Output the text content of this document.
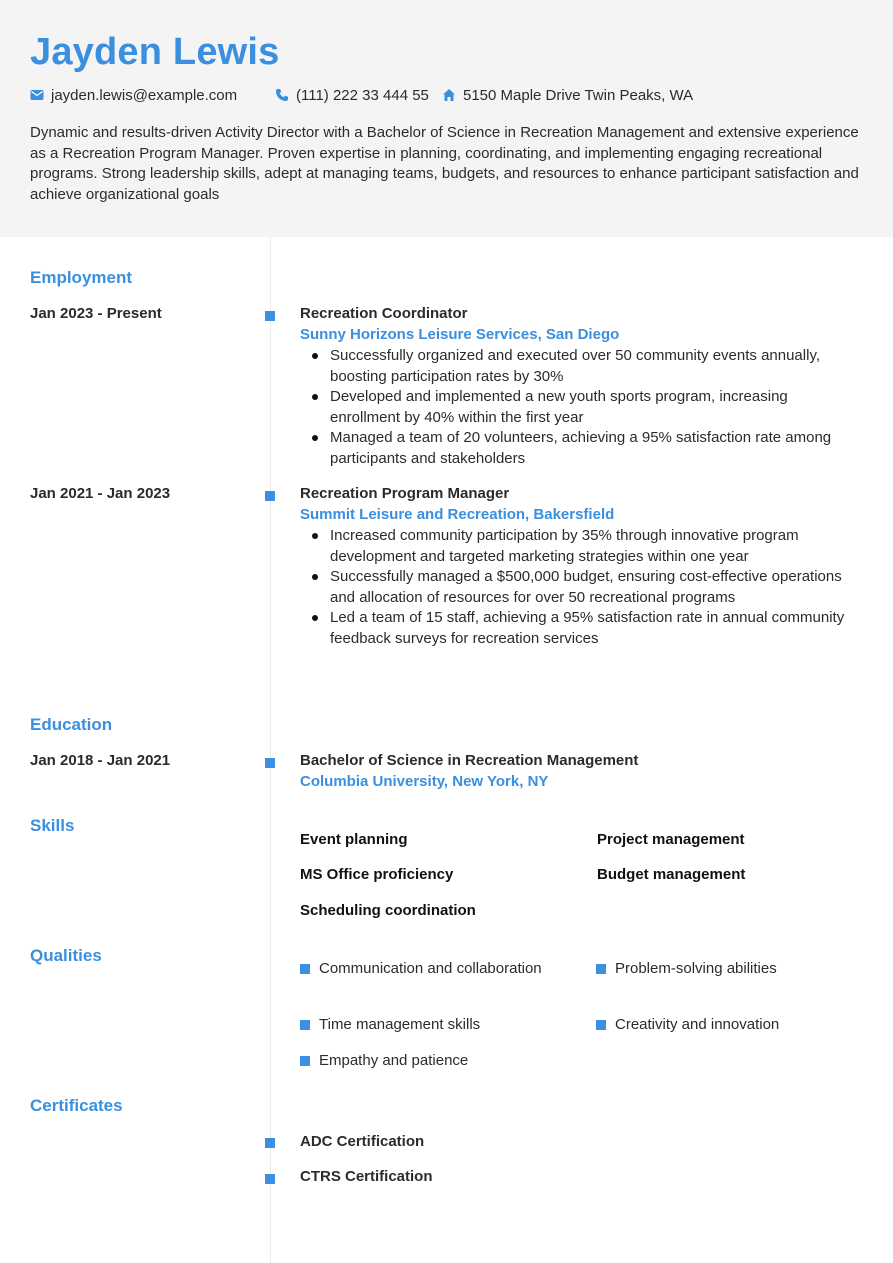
Jayden Lewis
jayden.lewis@example.com	(111) 222 33 444 55 5150 Maple Drive Twin Peaks, WA
Dynamic and results-driven Activity Director with a Bachelor of Science in Recreation Management and extensive experience as a Recreation Program Manager. Proven expertise in planning, coordinating, and implementing engaging recreational programs. Strong leadership skills, adept at managing teams, budgets, and resources to enhance participant satisfaction and achieve organizational goals
Employment
Jan 2023 - Present	Recreation Coordinator
Sunny Horizons Leisure Services, San Diego
Successfully organized and executed over 50 community events annually, boosting participation rates by 30%
Developed and implemented a new youth sports program, increasing enrollment by 40% within the first year
Managed a team of 20 volunteers, achieving a 95% satisfaction rate among participants and stakeholders
Jan 2021 - Jan 2023	Recreation Program Manager
Summit Leisure and Recreation, Bakersfield
Increased community participation by 35% through innovative program development and targeted marketing strategies within one year
Successfully managed a $500,000 budget, ensuring cost-effective operations and allocation of resources for over 50 recreational programs
Led a team of 15 staff, achieving a 95% satisfaction rate in annual community feedback surveys for recreation services
Education
Jan 2018 - Jan 2021	Bachelor of Science in Recreation Management
Columbia University, New York, NY
Skills
Event planning	Project management
MS Office proficiency	Budget management
Scheduling coordination
Qualities
Communication and collaboration	Problem-solving abilities
Time management skills	Creativity and innovation
Empathy and patience
Certificates
ADC Certification
CTRS Certification
